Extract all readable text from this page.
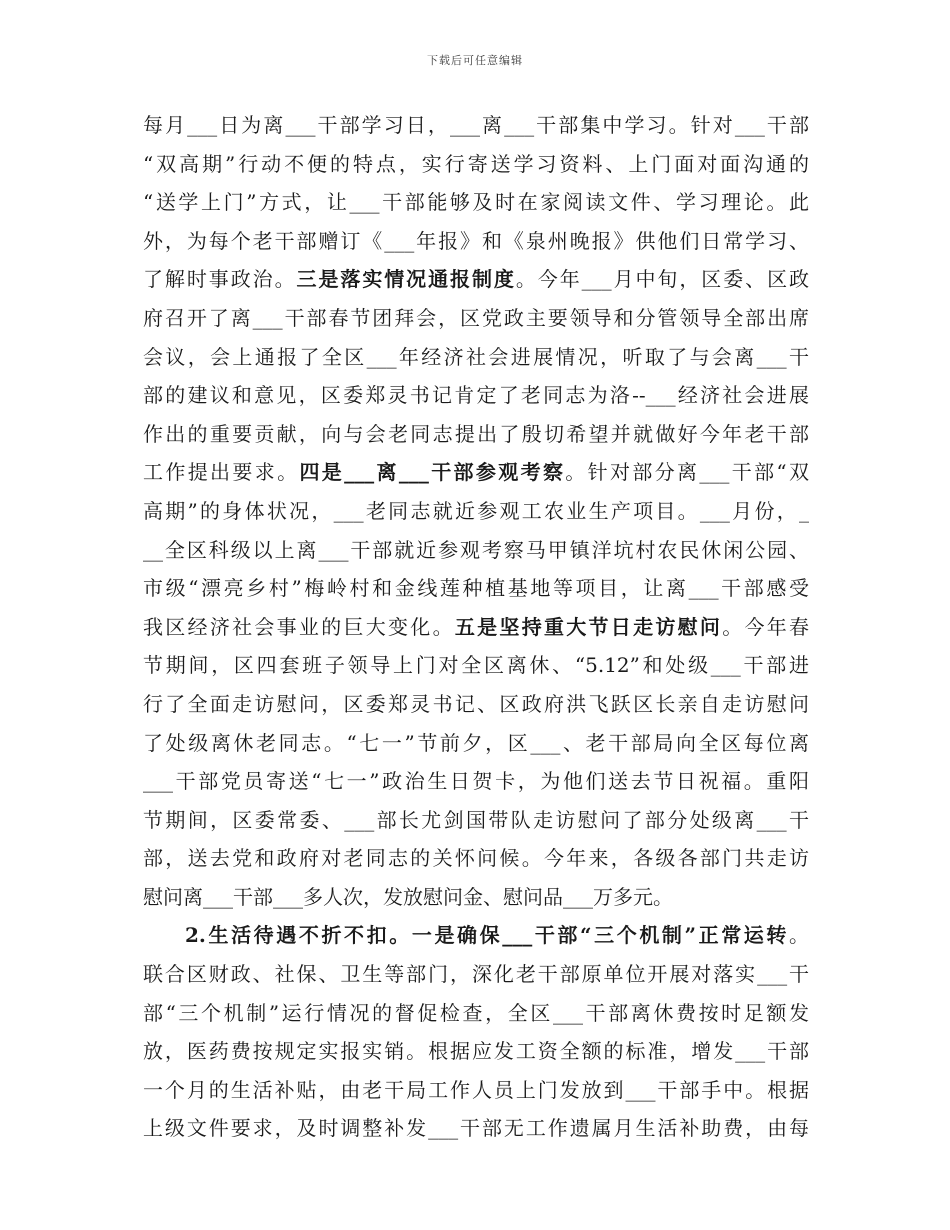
下载后可任意编辑
每月___日为离___干部学习日，___离___干部集中学习。针对___干部
“双高期”行动不便的特点，实行寄送学习资料、上门面对面沟通的
“送学上门”方式，让___干部能够及时在家阅读文件、学习理论。此
外，为每个老干部赠订《___年报》和《泉州晚报》供他们日常学习、
了解时事政治。三是落实情况通报制度。今年___月中旬，区委、区政
府召开了离___干部春节团拜会，区党政主要领导和分管领导全部出席
会议，会上通报了全区___年经济社会进展情况，听取了与会离___干
部的建议和意见，区委郑灵书记肯定了老同志为洛--___经济社会进展
作出的重要贡献，向与会老同志提出了殷切希望并就做好今年老干部
工作提出要求。四是___离___干部参观考察。针对部分离___干部“双
高期”的身体状况，___老同志就近参观工农业生产项目。___月份，_
__全区科级以上离___干部就近参观考察马甲镇洋坑村农民休闲公园、
市级“漂亮乡村”梅岭村和金线莲种植基地等项目，让离___干部感受
我区经济社会事业的巨大变化。五是坚持重大节日走访慰问。今年春
节期间，区四套班子领导上门对全区离休、“5.12”和处级___干部进
行了全面走访慰问，区委郑灵书记、区政府洪飞跃区长亲自走访慰问
了处级离休老同志。“七一”节前夕，区___、老干部局向全区每位离
___干部党员寄送“七一”政治生日贺卡，为他们送去节日祝福。重阳
节期间，区委常委、___部长尤剑国带队走访慰问了部分处级离___干
部，送去党和政府对老同志的关怀问候。今年来，各级各部门共走访
慰问离___干部___多人次，发放慰问金、慰问品___万多元。
2.生活待遇不折不扣。一是确保___干部“三个机制”正常运转。
联合区财政、社保、卫生等部门，深化老干部原单位开展对落实___干
部“三个机制”运行情况的督促检查，全区___干部离休费按时足额发
放，医药费按规定实报实销。根据应发工资全额的标准，增发___干部
一个月的生活补贴，由老干局工作人员上门发放到___干部手中。根据
上级文件要求，及时调整补发___干部无工作遗属月生活补助费，由每
